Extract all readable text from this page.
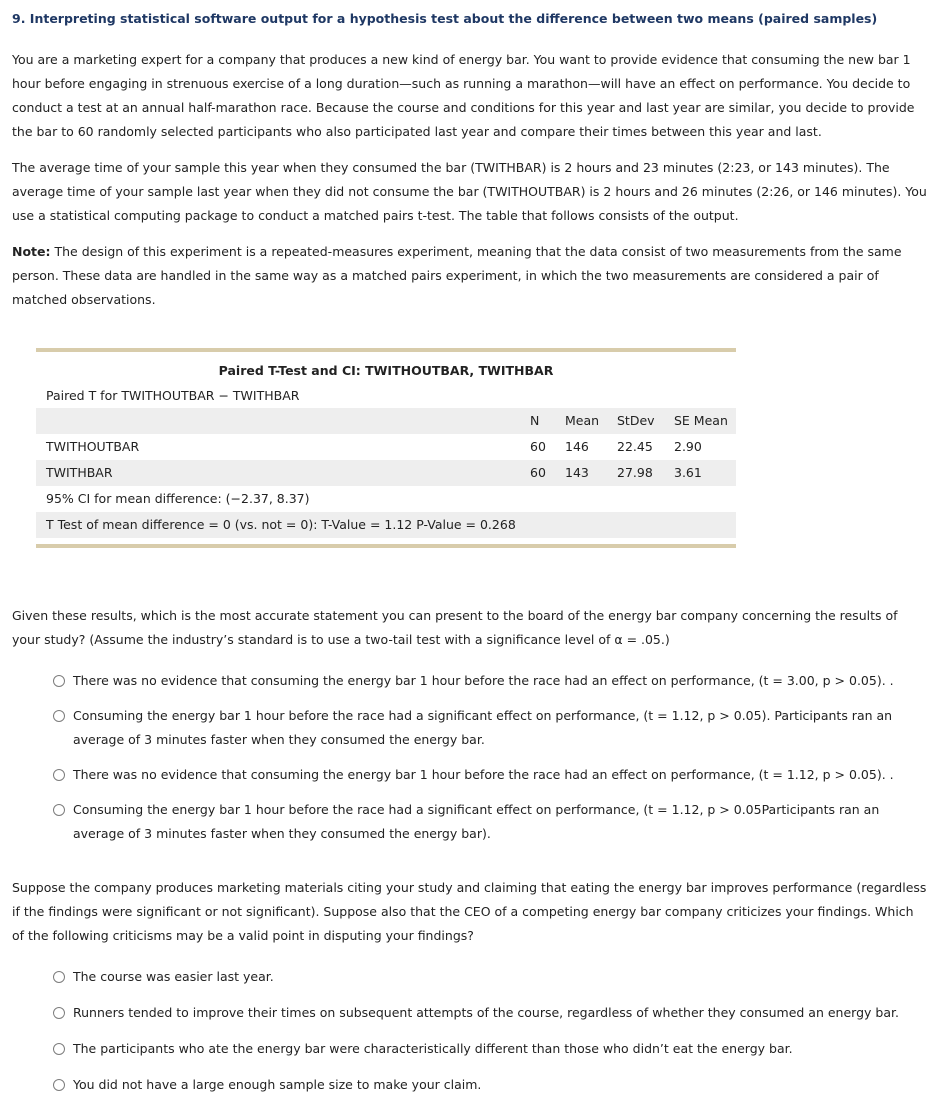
9. Interpreting statistical software output for a hypothesis test about the difference between two means (paired samples)
You are a marketing expert for a company that produces a new kind of energy bar. You want to provide evidence that consuming the new bar 1 hour before engaging in strenuous exercise of a long duration—such as running a marathon—will have an effect on performance. You decide to conduct a test at an annual half-marathon race. Because the course and conditions for this year and last year are similar, you decide to provide the bar to 60 randomly selected participants who also participated last year and compare their times between this year and last.
The average time of your sample this year when they consumed the bar (TWITHBAR) is 2 hours and 23 minutes (2:23, or 143 minutes). The average time of your sample last year when they did not consume the bar (TWITHOUTBAR) is 2 hours and 26 minutes (2:26, or 146 minutes). You use a statistical computing package to conduct a matched pairs t-test. The table that follows consists of the output.
Note: The design of this experiment is a repeated-measures experiment, meaning that the data consist of two measurements from the same person. These data are handled in the same way as a matched pairs experiment, in which the two measurements are considered a pair of matched observations.
Paired T-Test and CI: TWITHOUTBAR, TWITHBAR
Paired T for TWITHOUTBAR − TWITHBAR
N Mean StDev SE Mean
TWITHOUTBAR	60 146 22.45 2.90
TWITHBAR	60 143 27.98 3.61
95% CI for mean difference: (−2.37, 8.37)
T Test of mean difference = 0 (vs. not = 0): T-Value = 1.12 P-Value = 0.268
Given these results, which is the most accurate statement you can present to the board of the energy bar company concerning the results of your study? (Assume the industry’s standard is to use a two-tail test with a significance level of α = .05.)
There was no evidence that consuming the energy bar 1 hour before the race had an effect on performance, (t = 3.00, p > 0.05). .
Consuming the energy bar 1 hour before the race had a significant effect on performance, (t = 1.12, p > 0.05). Participants ran an average of 3 minutes faster when they consumed the energy bar.
There was no evidence that consuming the energy bar 1 hour before the race had an effect on performance, (t = 1.12, p > 0.05). .
Consuming the energy bar 1 hour before the race had a significant effect on performance, (t = 1.12, p > 0.05Participants ran an average of 3 minutes faster when they consumed the energy bar).
Suppose the company produces marketing materials citing your study and claiming that eating the energy bar improves performance (regardless if the findings were significant or not significant). Suppose also that the CEO of a competing energy bar company criticizes your findings. Which of the following criticisms may be a valid point in disputing your findings?
The course was easier last year.
Runners tended to improve their times on subsequent attempts of the course, regardless of whether they consumed an energy bar.
The participants who ate the energy bar were characteristically different than those who didn’t eat the energy bar.
You did not have a large enough sample size to make your claim.
